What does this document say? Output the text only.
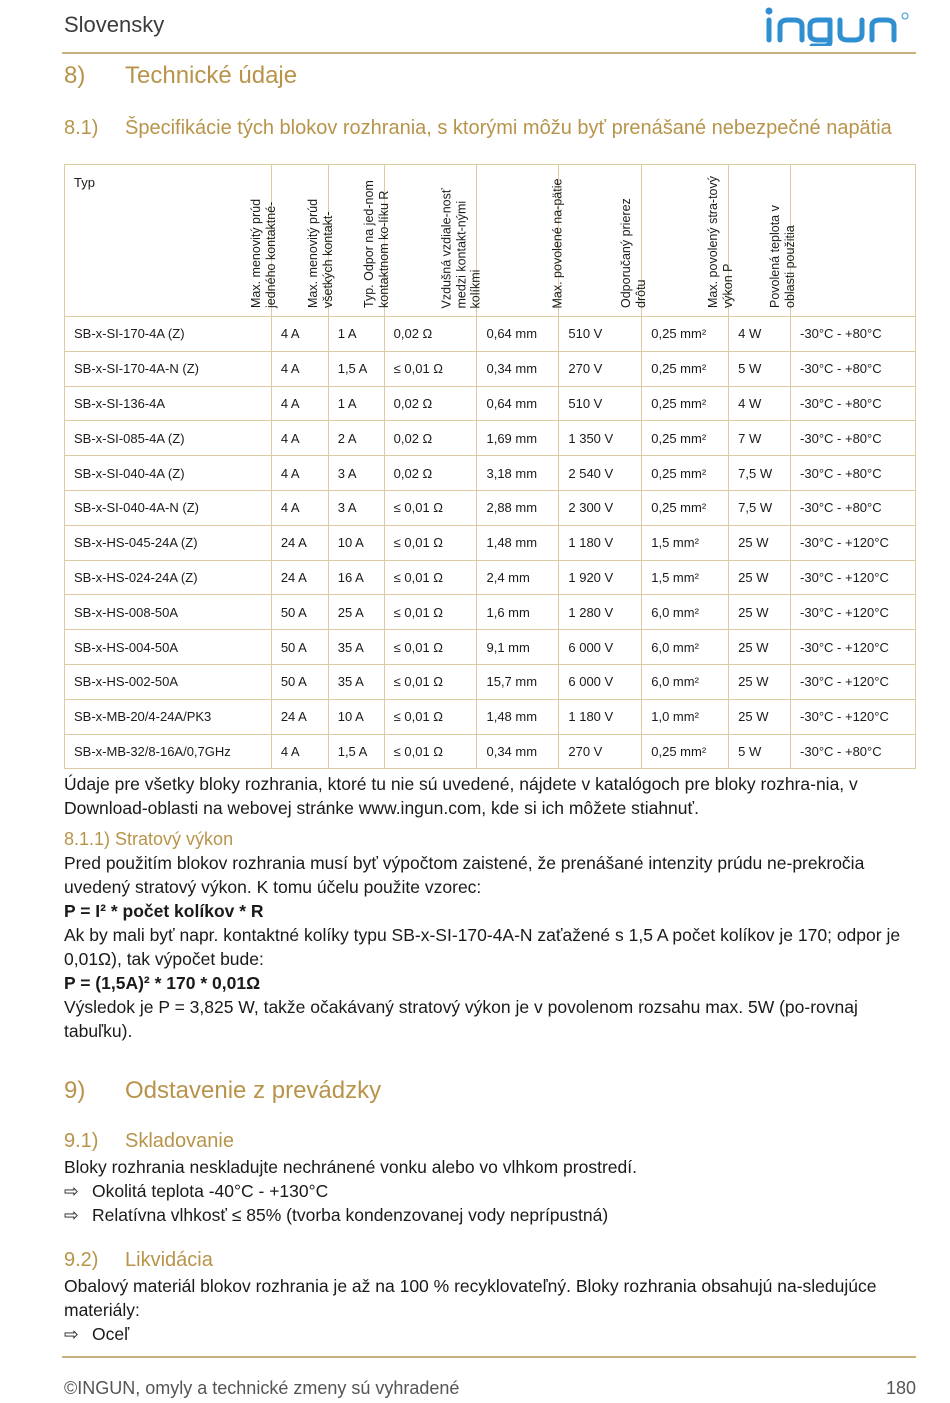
Slovensky
8) Technické údaje
8.1) Špecifikácie tých blokov rozhrania, s ktorými môžu byť prenášané nebezpečné napätia
Typ	Max. menovitý prúd jedného kontaktné-	Max. menovitý prúd všetkých kontakt-	Typ. Odpor na jed-nom kontaktnom ko-líku R	Vzdušná vzdiale-nosť medzi kontakt-nými kolíkmi	Max. povolené na-pätie	Odporučaný prierez drôtu	Max. povolený stra-tový výkon P	Povolená teplota v oblasti použitia

SB-x-SI-170-4A (Z)	4 A	1 A	0,02 Ω	0,64 mm	510 V	0,25 mm²	4 W	-30°C - +80°C
SB-x-SI-170-4A-N (Z)	4 A	1,5 A	≤ 0,01 Ω	0,34 mm	270 V	0,25 mm²	5 W	-30°C - +80°C
SB-x-SI-136-4A	4 A	1 A	0,02 Ω	0,64 mm	510 V	0,25 mm²	4 W	-30°C - +80°C
SB-x-SI-085-4A (Z)	4 A	2 A	0,02 Ω	1,69 mm	1 350 V	0,25 mm²	7 W	-30°C - +80°C
SB-x-SI-040-4A (Z)	4 A	3 A	0,02 Ω	3,18 mm	2 540 V	0,25 mm²	7,5 W	-30°C - +80°C
SB-x-SI-040-4A-N (Z)	4 A	3 A	≤ 0,01 Ω	2,88 mm	2 300 V	0,25 mm²	7,5 W	-30°C - +80°C
SB-x-HS-045-24A (Z)	24 A	10 A	≤ 0,01 Ω	1,48 mm	1 180 V	1,5 mm²	25 W	-30°C - +120°C
SB-x-HS-024-24A (Z)	24 A	16 A	≤ 0,01 Ω	2,4 mm	1 920 V	1,5 mm²	25 W	-30°C - +120°C
SB-x-HS-008-50A	50 A	25 A	≤ 0,01 Ω	1,6 mm	1 280 V	6,0 mm²	25 W	-30°C - +120°C
SB-x-HS-004-50A	50 A	35 A	≤ 0,01 Ω	9,1 mm	6 000 V	6,0 mm²	25 W	-30°C - +120°C
SB-x-HS-002-50A	50 A	35 A	≤ 0,01 Ω	15,7 mm	6 000 V	6,0 mm²	25 W	-30°C - +120°C
SB-x-MB-20/4-24A/PK3	24 A	10 A	≤ 0,01 Ω	1,48 mm	1 180 V	1,0 mm²	25 W	-30°C - +120°C
SB-x-MB-32/8-16A/0,7GHz	4 A	1,5 A	≤ 0,01 Ω	0,34 mm	270 V	0,25 mm²	5 W	-30°C - +80°C
Údaje pre všetky bloky rozhrania, ktoré tu nie sú uvedené, nájdete v katalógoch pre bloky rozhra-nia, v Download-oblasti na webovej stránke www.ingun.com, kde si ich môžete stiahnuť.
8.1.1) Stratový výkon
Pred použitím blokov rozhrania musí byť výpočtom zaistené, že prenášané intenzity prúdu ne-prekročia uvedený stratový výkon. K tomu účelu použite vzorec:
P = I² * počet kolíkov * R
Ak by mali byť napr. kontaktné kolíky typu SB-x-SI-170-4A-N zaťažené s 1,5 A počet kolíkov je 170; odpor je 0,01Ω), tak výpočet bude:
P = (1,5A)² * 170 * 0,01Ω
Výsledok je P = 3,825 W, takže očakávaný stratový výkon je v povolenom rozsahu max. 5W (po-rovnaj tabuľku).
9) Odstavenie z prevádzky
9.1) Skladovanie
Bloky rozhrania neskladujte nechránené vonku alebo vo vlhkom prostredí.
⇨ Okolitá teplota -40°C - +130°C
⇨ Relatívna vlhkosť ≤ 85% (tvorba kondenzovanej vody neprípustná)
9.2) Likvidácia
Obalový materiál blokov rozhrania je až na 100 % recyklovateľný. Bloky rozhrania obsahujú na-sledujúce materiály:
⇨ Oceľ
©INGUN, omyly a technické zmeny sú vyhradené	180
